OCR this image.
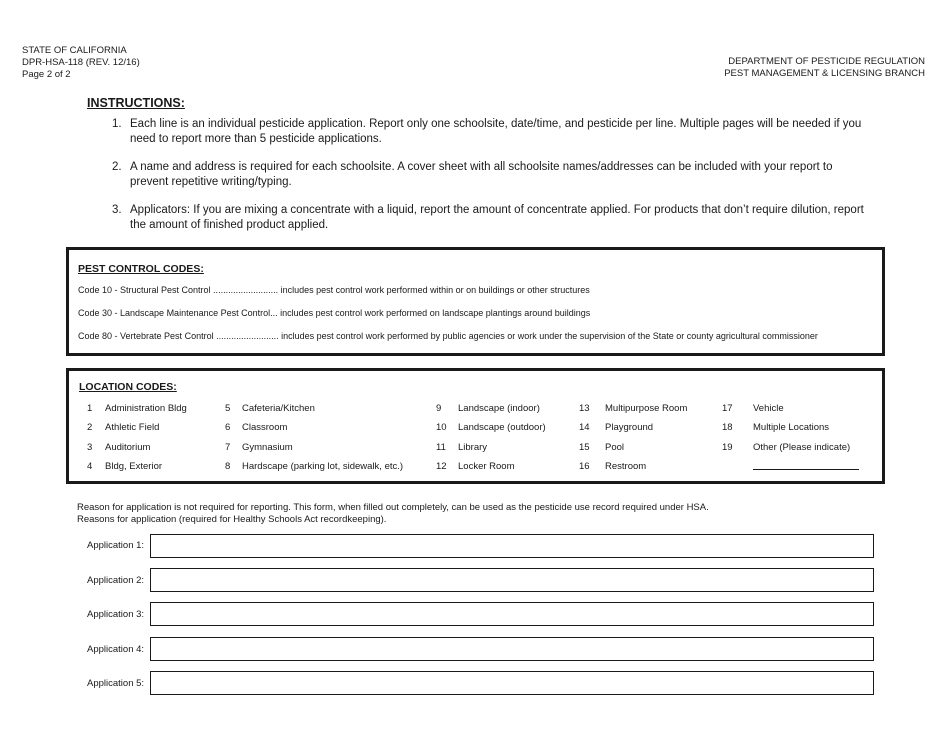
STATE OF CALIFORNIA
DPR-HSA-118 (REV. 12/16)
Page 2 of 2
DEPARTMENT OF PESTICIDE REGULATION
PEST MANAGEMENT & LICENSING BRANCH
INSTRUCTIONS:
1. Each line is an individual pesticide application. Report only one schoolsite, date/time, and pesticide per line. Multiple pages will be needed if you need to report more than 5 pesticide applications.
2. A name and address is required for each schoolsite. A cover sheet with all schoolsite names/addresses can be included with your report to prevent repetitive writing/typing.
3. Applicators: If you are mixing a concentrate with a liquid, report the amount of concentrate applied. For products that don’t require dilution, report the amount of finished product applied.
PEST CONTROL CODES:
Code 10 - Structural Pest Control .......................... includes pest control work performed within or on buildings or other structures
Code 30 - Landscape Maintenance Pest Control... includes pest control work performed on landscape plantings around buildings
Code 80 - Vertebrate Pest Control ......................... includes pest control work performed by public agencies or work under the supervision of the State or county agricultural commissioner
LOCATION CODES:
1 Administration Bldg
2 Athletic Field
3 Auditorium
4 Bldg, Exterior
5 Cafeteria/Kitchen
6 Classroom
7 Gymnasium
8 Hardscape (parking lot, sidewalk, etc.)
9 Landscape (indoor)
10 Landscape (outdoor)
11 Library
12 Locker Room
13 Multipurpose Room
14 Playground
15 Pool
16 Restroom
17 Vehicle
18 Multiple Locations
19 Other (Please indicate)
Reason for application is not required for reporting. This form, when filled out completely, can be used as the pesticide use record required under HSA.
Reasons for application (required for Healthy Schools Act recordkeeping).
Application 1:
Application 2:
Application 3:
Application 4:
Application 5:
